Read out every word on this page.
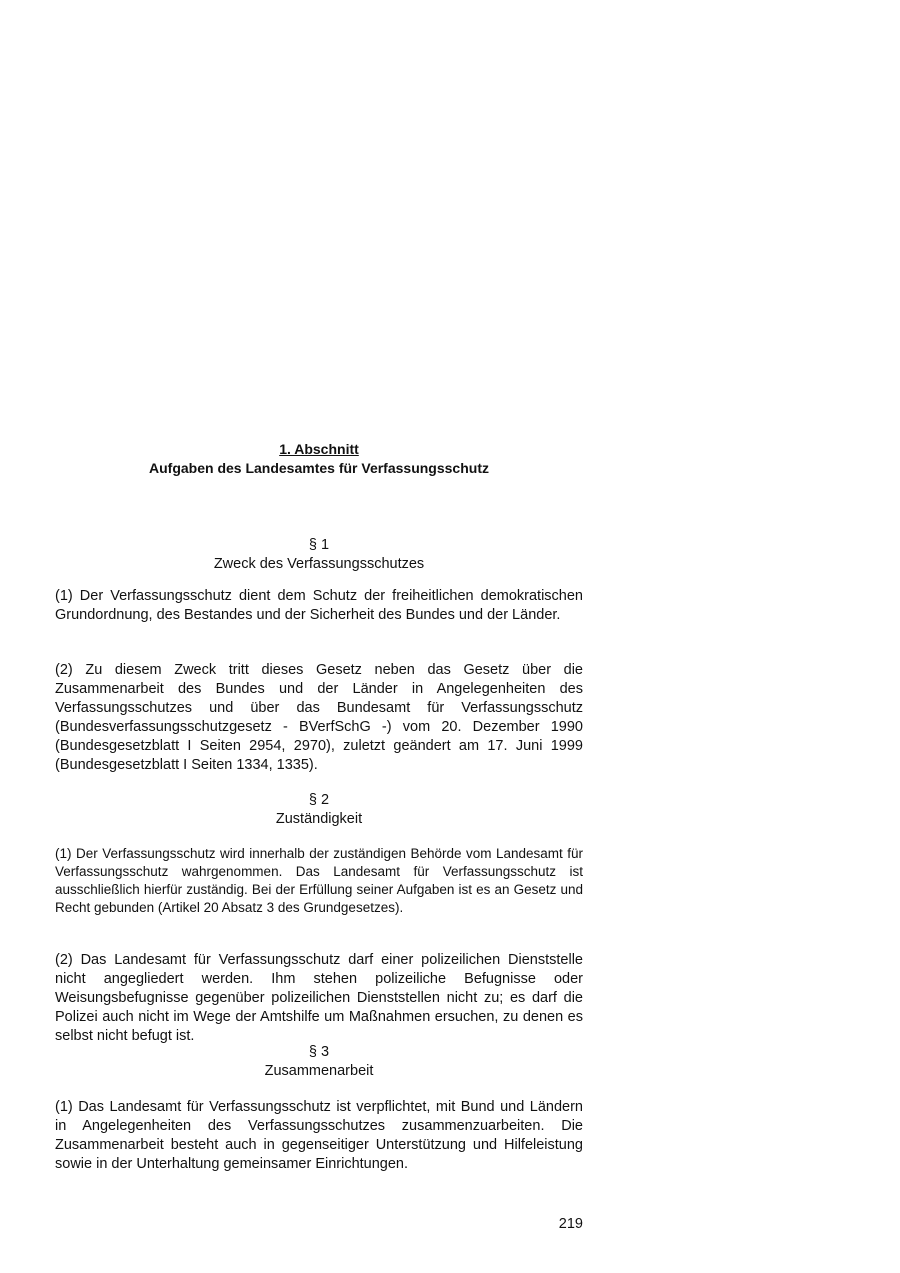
1. Abschnitt
Aufgaben des Landesamtes für Verfassungsschutz
§ 1
Zweck des Verfassungsschutzes

(1) Der Verfassungsschutz dient dem Schutz der freiheitlichen demokratischen Grundordnung, des Bestandes und der Sicherheit des Bundes und der Länder.

(2) Zu diesem Zweck tritt dieses Gesetz neben das Gesetz über die Zusammenarbeit des Bundes und der Länder in Angelegenheiten des Verfassungsschutzes und über das Bundesamt für Verfassungsschutz (Bundesverfassungsschutzgesetz - BVerfSchG -) vom 20. Dezember 1990 (Bundesgesetzblatt I Seiten 2954, 2970), zuletzt geändert am 17. Juni 1999 (Bundesgesetzblatt I Seiten 1334, 1335).

§ 2
Zuständigkeit

(1) Der Verfassungsschutz wird innerhalb der zuständigen Behörde vom Landesamt für Verfassungsschutz wahrgenommen. Das Landesamt für Verfassungsschutz ist ausschließlich hierfür zuständig. Bei der Erfüllung seiner Aufgaben ist es an Gesetz und Recht gebunden (Artikel 20 Absatz 3 des Grundgesetzes).

(2) Das Landesamt für Verfassungsschutz darf einer polizeilichen Dienststelle nicht angegliedert werden. Ihm stehen polizeiliche Befugnisse oder Weisungsbefugnisse gegenüber polizeilichen Dienststellen nicht zu; es darf die Polizei auch nicht im Wege der Amtshilfe um Maßnahmen ersuchen, zu denen es selbst nicht befugt ist.

§ 3
Zusammenarbeit

(1) Das Landesamt für Verfassungsschutz ist verpflichtet, mit Bund und Ländern in Angelegenheiten des Verfassungsschutzes zusammenzuarbeiten. Die Zusammenarbeit besteht auch in gegenseitiger Unterstützung und Hilfeleistung sowie in der Unterhaltung gemeinsamer Einrichtungen.

219
